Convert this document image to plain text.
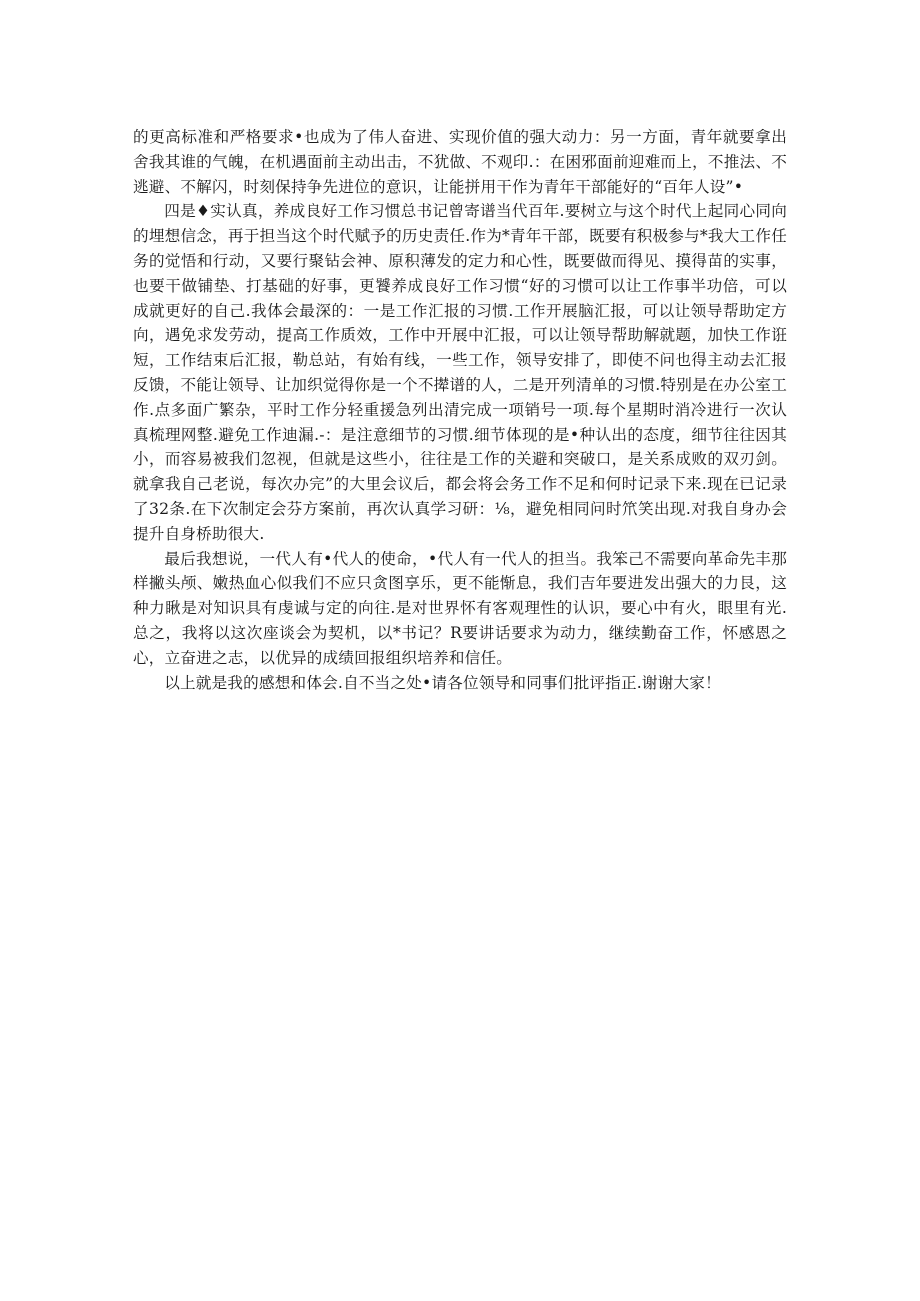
的更高标准和严格要求•也成为了伟人奋进、实现价值的强大动力：另一方面，青年就要拿出舍我其谁的气魄，在机遇面前主动出击，不犹做、不观印.：在困邪面前迎难而上，不推法、不逃避、不解闪，时刻保持争先进位的意识，让能拼用干作为青年干部能好的“百年人设”•

四是♦实认真，养成良好工作习惯总书记曾寄谱当代百年.要树立与这个时代上起同心同向的埋想信念，再于担当这个时代赋予的历史责任.作为*青年干部，既要有积极参与*我大工作任务的觉悟和行动，又要行聚钻会神、原积薄发的定力和心性，既要做而得见、摸得苗的实事，也要干做铺垫、打基础的好事，更饕养成良好工作习惯“好的习惯可以让工作事半功倍，可以成就更好的自己.我体会最深的：一是工作汇报的习惯.工作开展脑汇报，可以让领导帮助定方向，遇免求发劳动，提高工作质效，工作中开展中汇报，可以让领导帮助解就题，加快工作诳短，工作结束后汇报，勒总站，有始有线，一些工作，领导安排了，即使不问也得主动去汇报反馈，不能让领导、让加织觉得你是一个不撵谱的人，二是开列清单的习惯.特别是在办公室工作.点多面广繁杂，平时工作分轻重援急列出清完成一项销号一项.每个星期时消冷进行一次认真梳理网整.避免工作迪漏.-：是注意细节的习惯.细节体现的是•种认出的态度，细节往往因其小，而容易被我们忽视，但就是这些小，往往是工作的关避和突破口，是关系成败的双刃剑。就拿我自己老说，每次办完”的大里会议后，都会将会务工作不足和何时记录下来.现在已记录了32条.在下次制定会芬方案前，再次认真学习研：⅛，避免相同问时笊笑出现.对我自身办会提升自身桥助很大.

最后我想说，一代人有•代人的使命，•代人有一代人的担当。我笨己不需要向革命先丰那样撇头颅、嫩热血心似我们不应只贪图享乐，更不能惭息，我们吉年要进发出强大的力艮，这种力瞅是对知识具有虔诚与定的向往.是对世界怀有客观理性的认识，要心中有火，眼里有光.总之，我将以这次座谈会为契机，以*书记？R要讲话要求为动力，继续勤奋工作，怀感恩之心，立奋进之志，以优异的成绩回报组织培养和信任。

以上就是我的感想和体会.自不当之处•请各位领导和同事们批评指正.谢谢大家！
